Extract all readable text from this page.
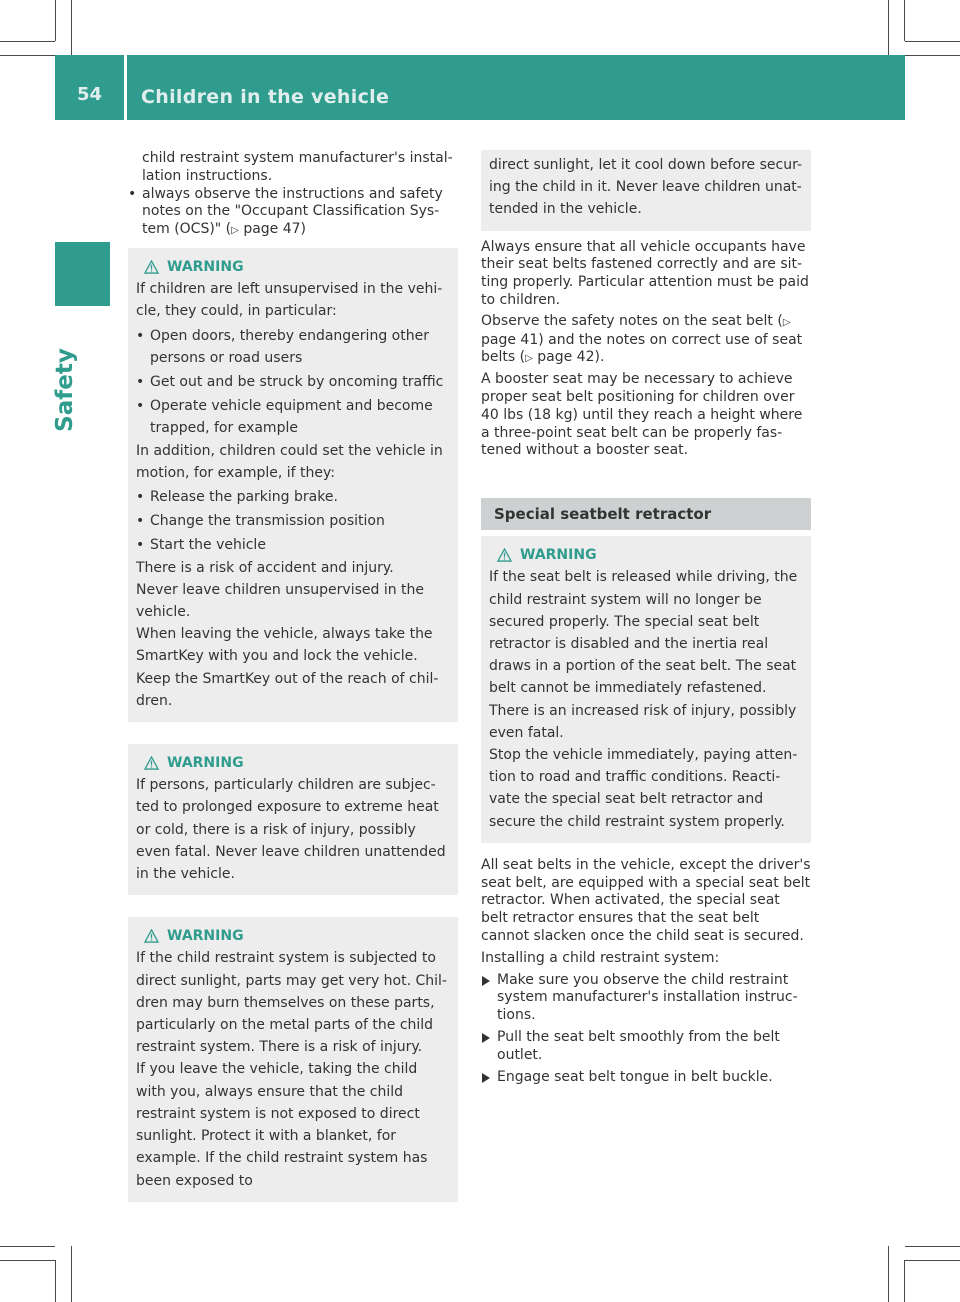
54	Children in the vehicle
Safety

child restraint system manufacturer's instal-
lation instructions.

• always observe the instructions and safety notes on the "Occupant Classification Sys-tem (OCS)" (▷ page 47)
WARNING

If children are left unsupervised in the vehi-cle, they could, in particular:

• Open doors, thereby endangering other persons or road users
• Get out and be struck by oncoming traffic
• Operate vehicle equipment and become trapped, for example

In addition, children could set the vehicle in motion, for example, if they:

• Release the parking brake.
• Change the transmission position
• Start the vehicle

There is a risk of accident and injury.

Never leave children unsupervised in the vehicle.

When leaving the vehicle, always take the SmartKey with you and lock the vehicle.

Keep the SmartKey out of the reach of chil-dren.

WARNING

If persons, particularly children are subjec-ted to prolonged exposure to extreme heat or cold, there is a risk of injury, possibly even fatal. Never leave children unattended in the vehicle.

WARNING

If the child restraint system is subjected to direct sunlight, parts may get very hot. Chil-dren may burn themselves on these parts, particularly on the metal parts of the child restraint system. There is a risk of injury.

If you leave the vehicle, taking the child with you, always ensure that the child restraint system is not exposed to direct sunlight. Protect it with a blanket, for example. If the child restraint system has been exposed to

direct sunlight, let it cool down before secur-ing the child in it. Never leave children unat-tended in the vehicle.

Always ensure that all vehicle occupants have their seat belts fastened correctly and are sit-ting properly. Particular attention must be paid to children.

Observe the safety notes on the seat belt (▷ page 41) and the notes on correct use of seat belts (▷ page 42).

A booster seat may be necessary to achieve proper seat belt positioning for children over 40 lbs (18 kg) until they reach a height where a three-point seat belt can be properly fas-tened without a booster seat.

Special seatbelt retractor
WARNING

If the seat belt is released while driving, the child restraint system will no longer be secured properly. The special seat belt retractor is disabled and the inertia real draws in a portion of the seat belt. The seat belt cannot be immediately refastened. There is an increased risk of injury, possibly even fatal.

Stop the vehicle immediately, paying atten-tion to road and traffic conditions. Reacti-vate the special seat belt retractor and secure the child restraint system properly.

All seat belts in the vehicle, except the driver's seat belt, are equipped with a special seat belt retractor. When activated, the special seat belt retractor ensures that the seat belt cannot slacken once the child seat is secured.

Installing a child restraint system:

Make sure you observe the child restraint system manufacturer's installation instruc-tions.
Pull the seat belt smoothly from the belt outlet.
Engage seat belt tongue in belt buckle.
